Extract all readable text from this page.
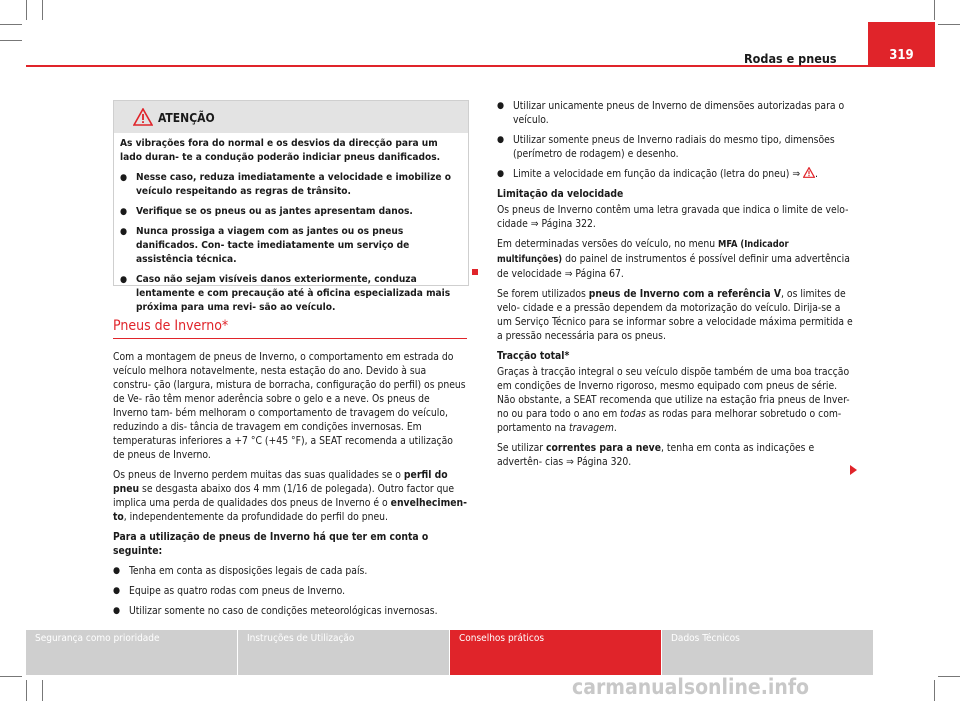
Rodas e pneus	319
ATENÇÃO

As vibrações fora do normal e os desvios da direcção para um lado duran- te a condução poderão indiciar pneus danificados.

● Nesse caso, reduza imediatamente a velocidade e imobilize o veículo respeitando as regras de trânsito.
● Verifique se os pneus ou as jantes apresentam danos.
● Nunca prossiga a viagem com as jantes ou os pneus danificados. Con- tacte imediatamente um serviço de assistência técnica.
● Caso não sejam visíveis danos exteriormente, conduza lentamente e com precaução até à oficina especializada mais próxima para uma revi- são ao veículo.
Pneus de Inverno*

Com a montagem de pneus de Inverno, o comportamento em estrada do veículo melhora notavelmente, nesta estação do ano. Devido à sua constru- ção (largura, mistura de borracha, configuração do perfil) os pneus de Ve- rão têm menor aderência sobre o gelo e a neve. Os pneus de Inverno tam- bém melhoram o comportamento de travagem do veículo, reduzindo a dis- tância de travagem em condições invernosas. Em temperaturas inferiores a +7 °C (+45 °F), a SEAT recomenda a utilização de pneus de Inverno.

Os pneus de Inverno perdem muitas das suas qualidades se o perfil do pneu se desgasta abaixo dos 4 mm (1/16 de polegada). Outro factor que implica uma perda de qualidades dos pneus de Inverno é o envelhecimen- to, independentemente da profundidade do perfil do pneu.

Para a utilização de pneus de Inverno há que ter em conta o seguinte:

● Tenha em conta as disposições legais de cada país.
● Equipe as quatro rodas com pneus de Inverno.
● Utilizar somente no caso de condições meteorológicas invernosas.
● Utilizar unicamente pneus de Inverno de dimensões autorizadas para o veículo.
● Utilizar somente pneus de Inverno radiais do mesmo tipo, dimensões (perímetro de rodagem) e desenho.
● Limite a velocidade em função da indicação (letra do pneu) ⇒ .

Limitação da velocidade

Os pneus de Inverno contêm uma letra gravada que indica o limite de velo- cidade ⇒ Página 322.

Em determinadas versões do veículo, no menu MFA (Indicador multifunções) do painel de instrumentos é possível definir uma advertência de velocidade ⇒ Página 67.

Se forem utilizados pneus de Inverno com a referência V, os limites de velo- cidade e a pressão dependem da motorização do veículo. Dirija-se a um Serviço Técnico para se informar sobre a velocidade máxima permitida e a pressão necessária para os pneus.

Tracção total*

Graças à tracção integral o seu veículo dispõe também de uma boa tracção em condições de Inverno rigoroso, mesmo equipado com pneus de série. Não obstante, a SEAT recomenda que utilize na estação fria pneus de Inver- no ou para todo o ano em todas as rodas para melhorar sobretudo o com- portamento na travagem.

Se utilizar correntes para a neve, tenha em conta as indicações e advertên- cias ⇒ Página 320.

Segurança como prioridade	Instruções de Utilização	Conselhos práticos	Dados Técnicos
carmanualsonline.info
